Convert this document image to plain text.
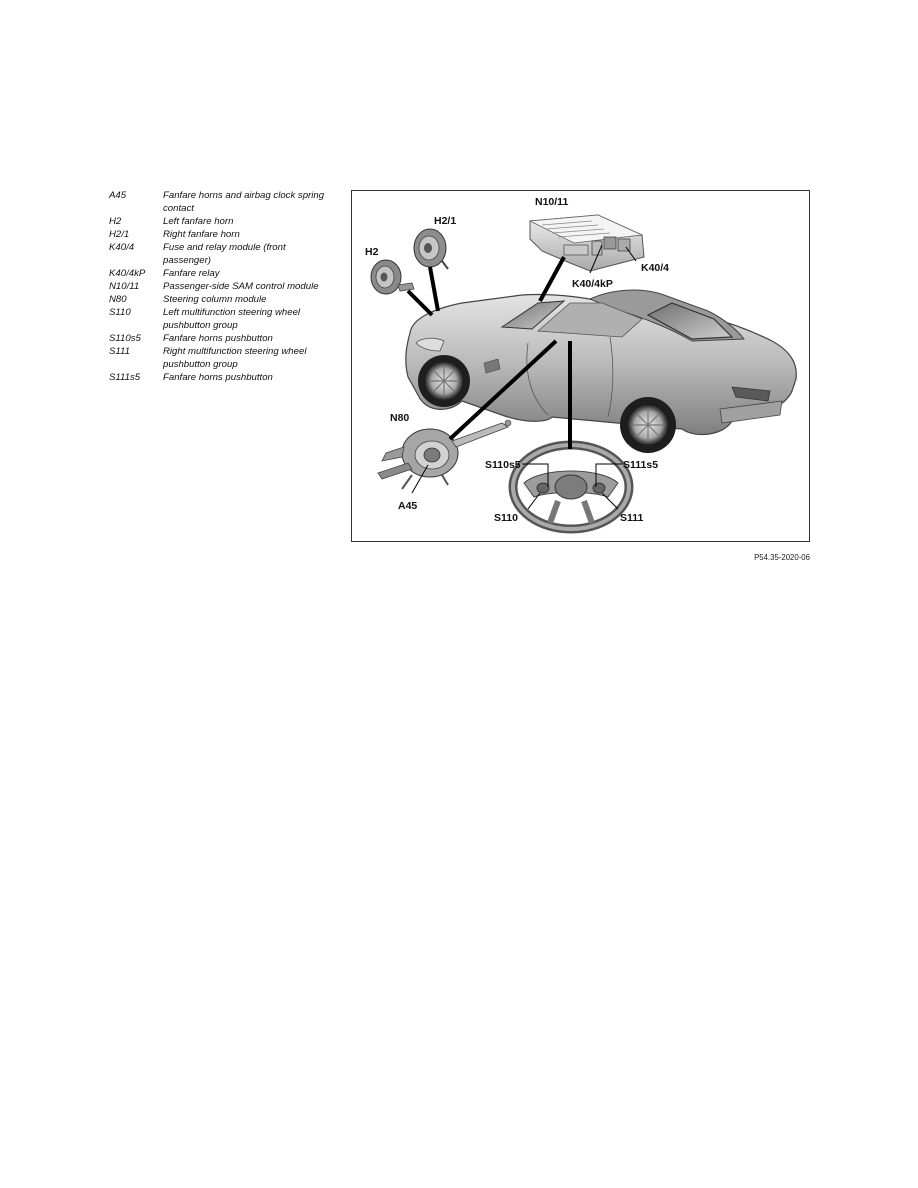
A45	Fanfare horns and airbag clock spring contact
H2	Left fanfare horn
H2/1	Right fanfare horn
K40/4	Fuse and relay module (front passenger)
K40/4kP	Fanfare relay
N10/11	Passenger-side SAM control module
N80	Steering column module
S110	Left multifunction steering wheel pushbutton group
S110s5	Fanfare horns pushbutton
S111	Right multifunction steering wheel pushbutton group
S111s5	Fanfare horns pushbutton
N10/11
H2/1
H2
K40/4kP
K40/4
N80
A45
S110s5	S111s5
S110	S111
P54.35-2020-06
